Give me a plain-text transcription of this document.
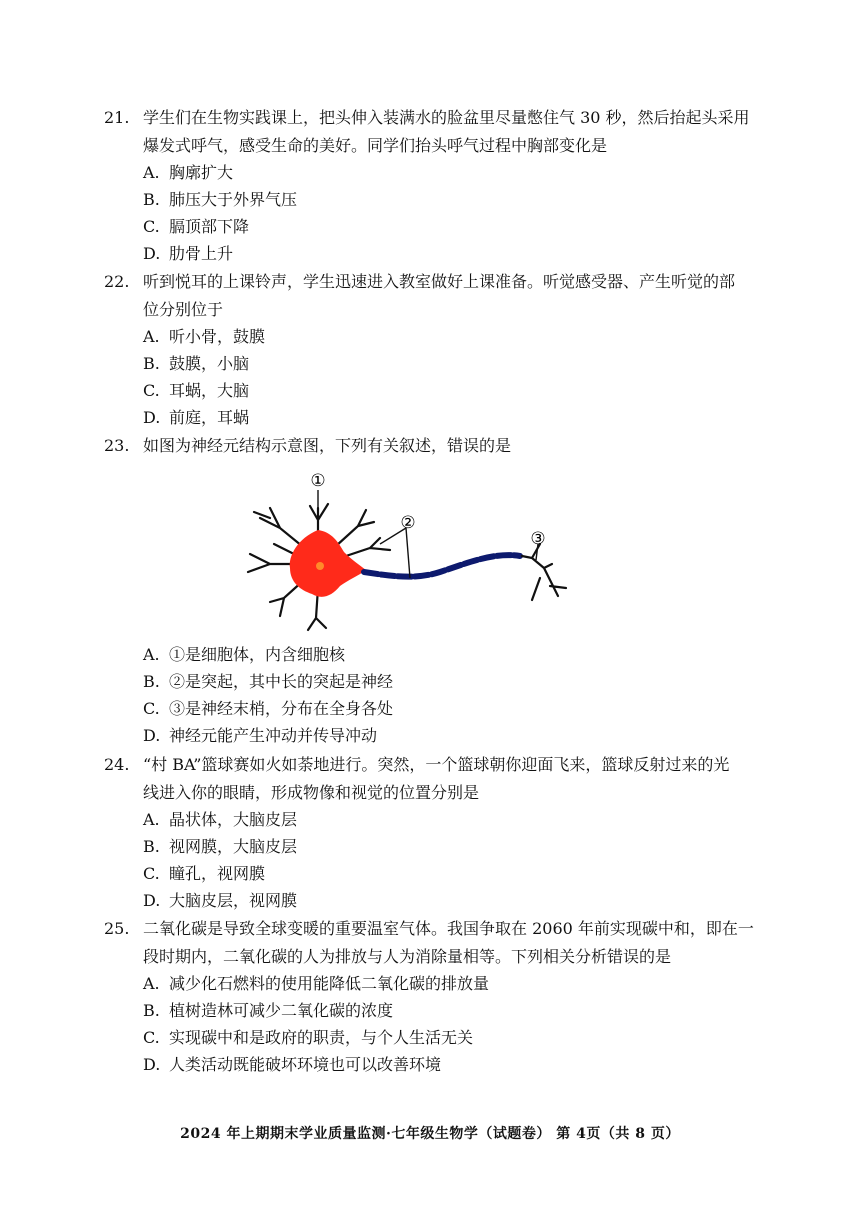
21. 学生们在生物实践课上，把头伸入装满水的脸盆里尽量憋住气 30 秒，然后抬起头采用
爆发式呼气，感受生命的美好。同学们抬头呼气过程中胸部变化是
A. 胸廓扩大
B. 肺压大于外界气压
C. 膈顶部下降
D. 肋骨上升
22. 听到悦耳的上课铃声，学生迅速进入教室做好上课准备。听觉感受器、产生听觉的部
位分别位于
A. 听小骨，鼓膜
B. 鼓膜，小脑
C. 耳蜗，大脑
D. 前庭，耳蜗
23. 如图为神经元结构示意图，下列有关叙述，错误的是
①
②
③
A. ①是细胞体，内含细胞核
B. ②是突起，其中长的突起是神经
C. ③是神经末梢，分布在全身各处
D. 神经元能产生冲动并传导冲动
24. “村 BA”篮球赛如火如荼地进行。突然，一个篮球朝你迎面飞来，篮球反射过来的光
线进入你的眼睛，形成物像和视觉的位置分别是
A. 晶状体，大脑皮层
B. 视网膜，大脑皮层
C. 瞳孔，视网膜
D. 大脑皮层，视网膜
25. 二氧化碳是导致全球变暖的重要温室气体。我国争取在 2060 年前实现碳中和，即在一
段时期内，二氧化碳的人为排放与人为消除量相等。下列相关分析错误的是
A. 减少化石燃料的使用能降低二氧化碳的排放量
B. 植树造林可减少二氧化碳的浓度
C. 实现碳中和是政府的职责，与个人生活无关
D. 人类活动既能破坏环境也可以改善环境
2024 年上期期末学业质量监测·七年级生物学（试题卷） 第 4页（共 8 页）
